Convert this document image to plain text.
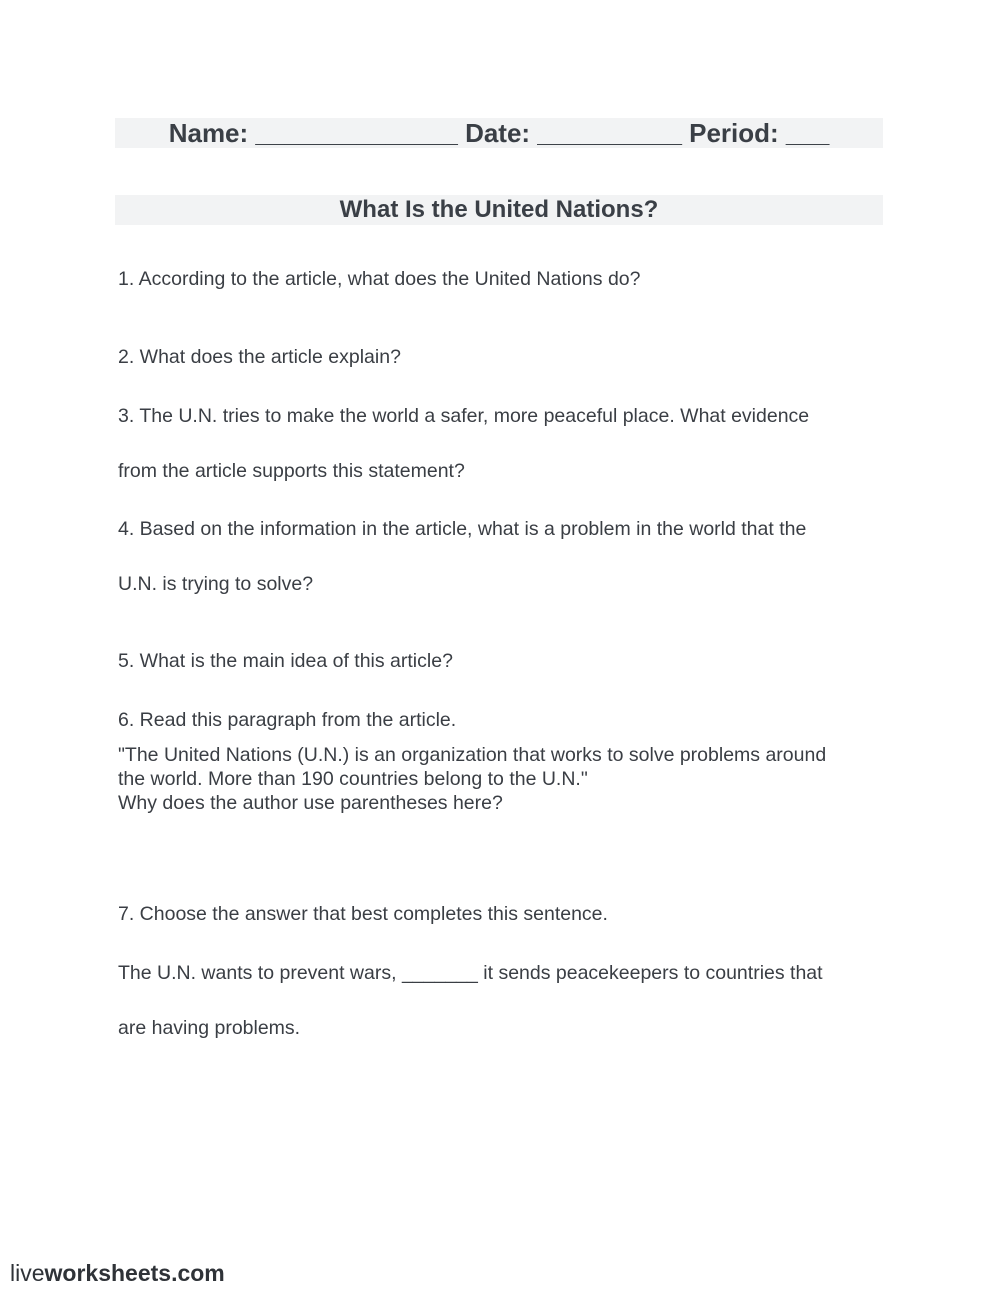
Name: ______________ Date: __________ Period: ___
What Is the United Nations?
1. According to the article, what does the United Nations do?
2. What does the article explain?
3. The U.N. tries to make the world a safer, more peaceful place. What evidence
from the article supports this statement?
4. Based on the information in the article, what is a problem in the world that the
U.N. is trying to solve?
5. What is the main idea of this article?
6. Read this paragraph from the article.
"The United Nations (U.N.) is an organization that works to solve problems around
the world. More than 190 countries belong to the U.N."
Why does the author use parentheses here?
7. Choose the answer that best completes this sentence.
The U.N. wants to prevent wars, _______ it sends peacekeepers to countries that
are having problems.
liveworksheets.com
